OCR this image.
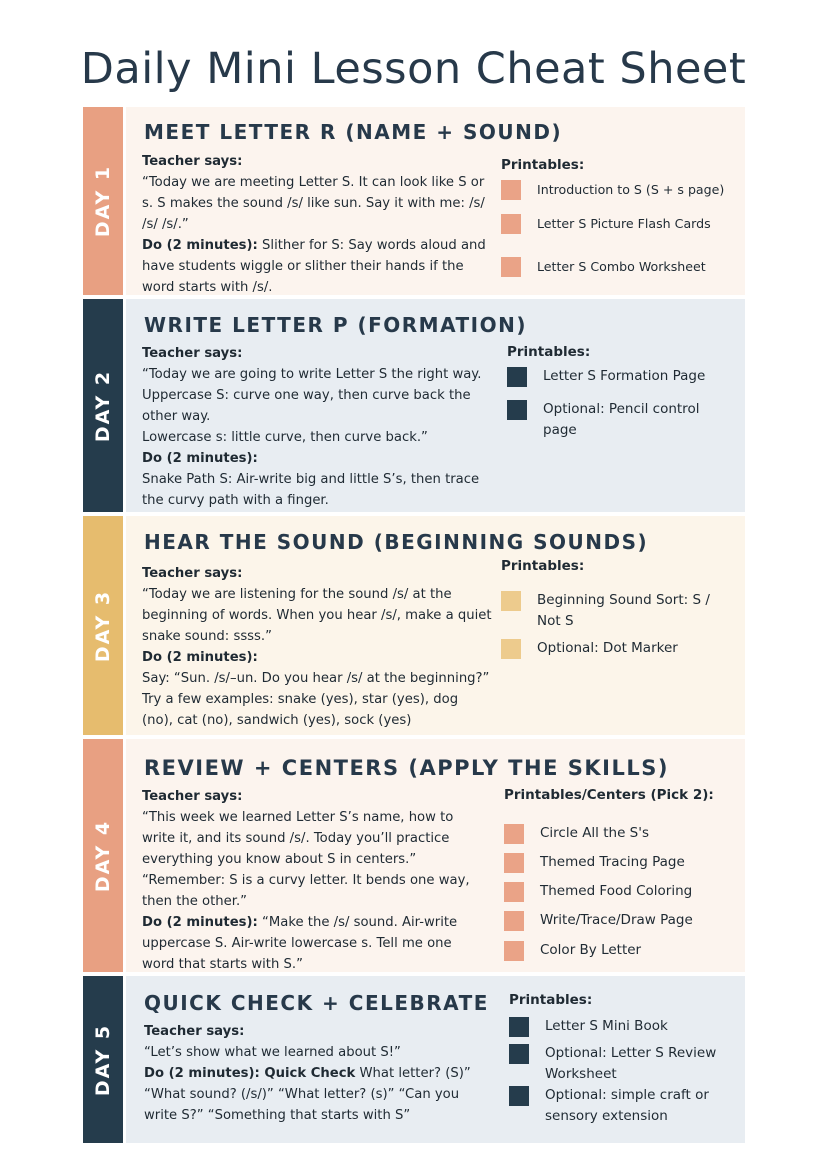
Daily Mini Lesson Cheat Sheet
DAY 1
MEET LETTER R (NAME + SOUND)

Teacher says:

“Today we are meeting Letter S. It can look like S or s. S makes the sound /s/ like sun. Say it with me: /s/ /s/ /s/.”

Do (2 minutes): Slither for S: Say words aloud and have students wiggle or slither their hands if the word starts with /s/.

Printables:
Introduction to S (S + s page)
Letter S Picture Flash Cards
Letter S Combo Worksheet
DAY 2
WRITE LETTER P (FORMATION)

Teacher says:

“Today we are going to write Letter S the right way.

Uppercase S: curve one way, then curve back the other way.

Lowercase s: little curve, then curve back.”

Do (2 minutes):

Snake Path S: Air-write big and little S’s, then trace the curvy path with a finger.

Printables:
Letter S Formation Page
Optional: Pencil control page
DAY 3
HEAR THE SOUND (BEGINNING SOUNDS)

Teacher says:

“Today we are listening for the sound /s/ at the beginning of words. When you hear /s/, make a quiet snake sound: ssss.”

Do (2 minutes):

Say: “Sun. /s/–un. Do you hear /s/ at the beginning?”

Try a few examples: snake (yes), star (yes), dog (no), cat (no), sandwich (yes), sock (yes)

Printables:
Beginning Sound Sort: S / Not S
Optional: Dot Marker
DAY 4
REVIEW + CENTERS (APPLY THE SKILLS)

Teacher says:

“This week we learned Letter S’s name, how to write it, and its sound /s/. Today you’ll practice everything you know about S in centers.”

“Remember: S is a curvy letter. It bends one way, then the other.”

Do (2 minutes): “Make the /s/ sound. Air-write uppercase S. Air-write lowercase s. Tell me one word that starts with S.”

Printables/Centers (Pick 2):
Circle All the S's
Themed Tracing Page
Themed Food Coloring
Write/Trace/Draw Page
Color By Letter
DAY 5
QUICK CHECK + CELEBRATE

Teacher says:

“Let’s show what we learned about S!”

Do (2 minutes): Quick Check What letter? (S)” “What sound? (/s/)” “What letter? (s)” “Can you write S?” “Something that starts with S”

Printables:
Letter S Mini Book
Optional: Letter S Review Worksheet
Optional: simple craft or sensory extension
